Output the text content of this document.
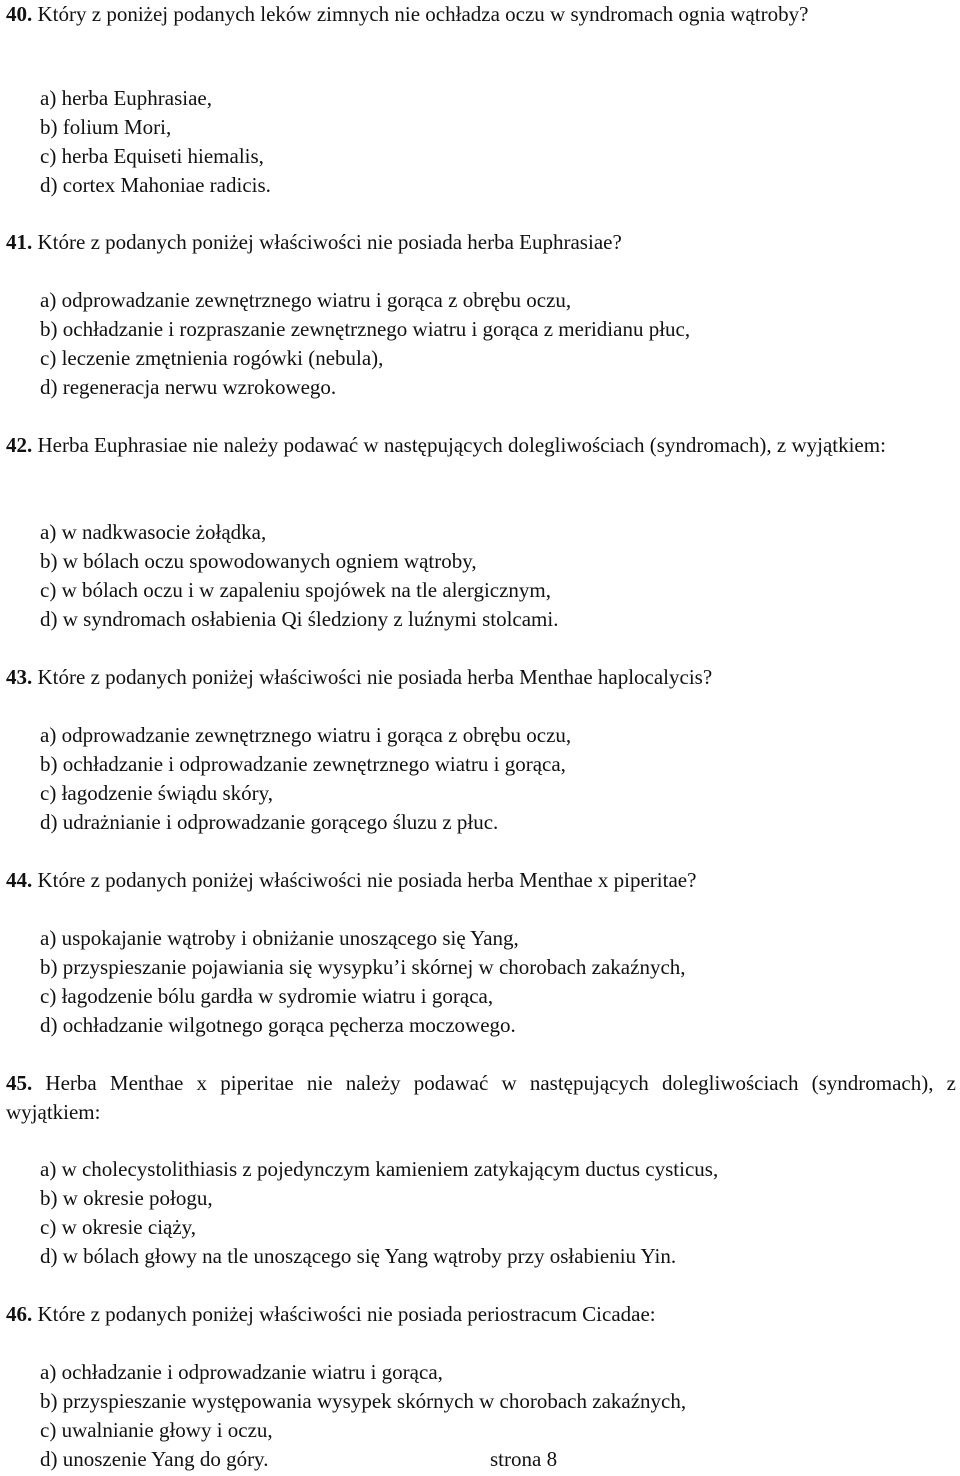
40. Który z poniżej podanych leków zimnych nie ochładza oczu w syndromach ognia wątroby?
a) herba Euphrasiae,
b) folium Mori,
c) herba Equiseti hiemalis,
d) cortex Mahoniae radicis.
41. Które z podanych poniżej właściwości nie posiada herba Euphrasiae?
a) odprowadzanie zewnętrznego wiatru i gorąca z obrębu oczu,
b) ochładzanie i rozpraszanie zewnętrznego wiatru i gorąca z meridianu płuc,
c) leczenie zmętnienia rogówki (nebula),
d) regeneracja nerwu wzrokowego.
42. Herba Euphrasiae nie należy podawać w następujących dolegliwościach (syndromach), z wyjątkiem:
a) w nadkwasocie żołądka,
b) w bólach oczu spowodowanych ogniem wątroby,
c) w bólach oczu i w zapaleniu spojówek na tle alergicznym,
d) w syndromach osłabienia Qi śledziony z luźnymi stolcami.
43. Które z podanych poniżej właściwości nie posiada herba Menthae haplocalycis?
a) odprowadzanie zewnętrznego wiatru i gorąca z obrębu oczu,
b) ochładzanie i odprowadzanie zewnętrznego wiatru i gorąca,
c) łagodzenie świądu skóry,
d) udrażnianie i odprowadzanie gorącego śluzu z płuc.
44. Które z podanych poniżej właściwości nie posiada herba Menthae x piperitae?
a) uspokajanie wątroby i obniżanie unoszącego się Yang,
b) przyspieszanie pojawiania się wysypku’i skórnej w chorobach zakaźnych,
c) łagodzenie bólu gardła w sydromie wiatru i gorąca,
d) ochładzanie wilgotnego gorąca pęcherza moczowego.
45. Herba Menthae x piperitae nie należy podawać w następujących dolegliwościach (syndromach), z wyjątkiem:
a) w cholecystolithiasis z pojedynczym kamieniem zatykającym ductus cysticus,
b) w okresie połogu,
c) w okresie ciąży,
d) w bólach głowy na tle unoszącego się Yang wątroby przy osłabieniu Yin.
46. Które z podanych poniżej właściwości nie posiada periostracum Cicadae:
a) ochładzanie i odprowadzanie wiatru i gorąca,
b) przyspieszanie występowania wysypek skórnych w chorobach zakaźnych,
c) uwalnianie głowy i oczu,
d) unoszenie Yang do góry.	strona 8
